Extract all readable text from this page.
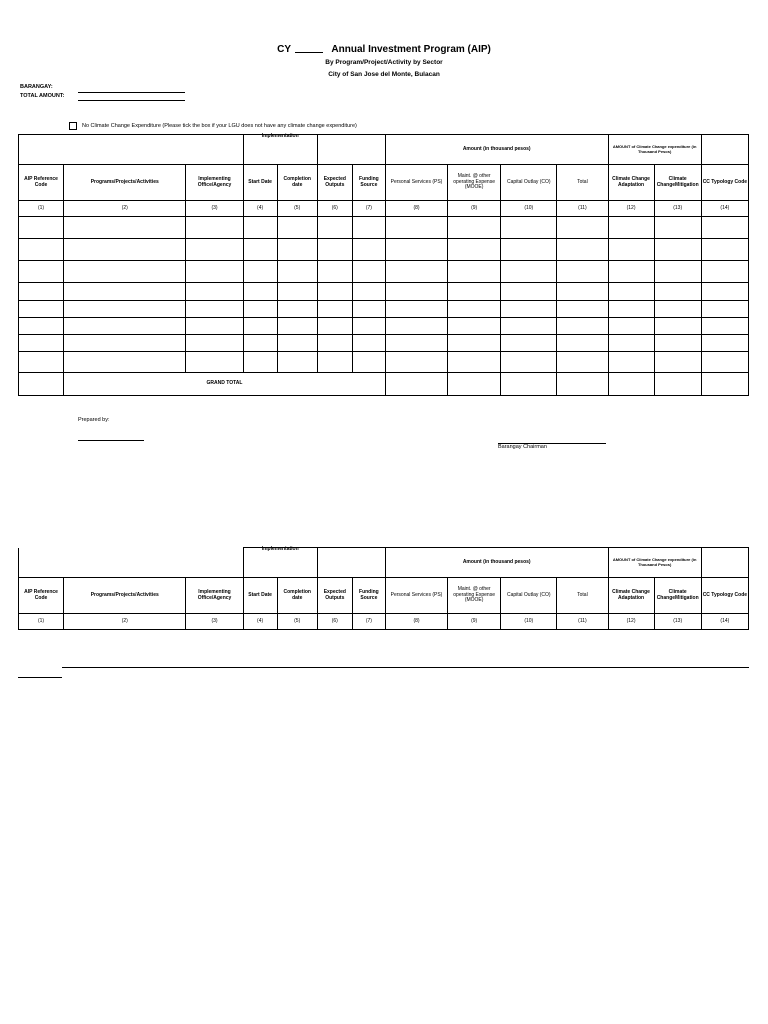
CY	Annual Investment Program (AIP)
By Program/Project/Activity by Sector
City of San Jose del Monte, Bulacan
BARANGAY:
TOTAL AMOUNT:
No Climate Change Expenditure (Please tick the box if your LGU does not have any climate change expenditure)

			Implementation				Amount (in thousand pesos)				AMOUNT of Climate Change expenditure (in Thousand Pesos)		
AIP Reference Code	Programs/Projects/Activities	Implementing Office/Agency	Start Date	Completion date	Expected Outputs	Funding Source	Personal Services (PS)	Maint. @ other operating Expense (MOOE)	Capital Outlay (CO)	Total	Climate Change Adaptation	Climate ChangeMitigation	CC Typology Code
(1)	(2)	(3)	(4)	(5)	(6)	(7)	(8)	(9)	(10)	(11)	(12)	(13)	(14)

	GRAND TOTAL												
Prepared by:
Barangay Chairman

			Implementation				Amount (in thousand pesos)				AMOUNT of Climate Change expenditure (in Thousand Pesos)		
AIP Reference Code	Programs/Projects/Activities	Implementing Office/Agency	Start Date	Completion date	Expected Outputs	Funding Source	Personal Services (PS)	Maint. @ other operating Expense (MOOE)	Capital Outlay (CO)	Total	Climate Change Adaptation	Climate ChangeMitigation	CC Typology Code
(1)	(2)	(3)	(4)	(5)	(6)	(7)	(8)	(9)	(10)	(11)	(12)	(13)	(14)
